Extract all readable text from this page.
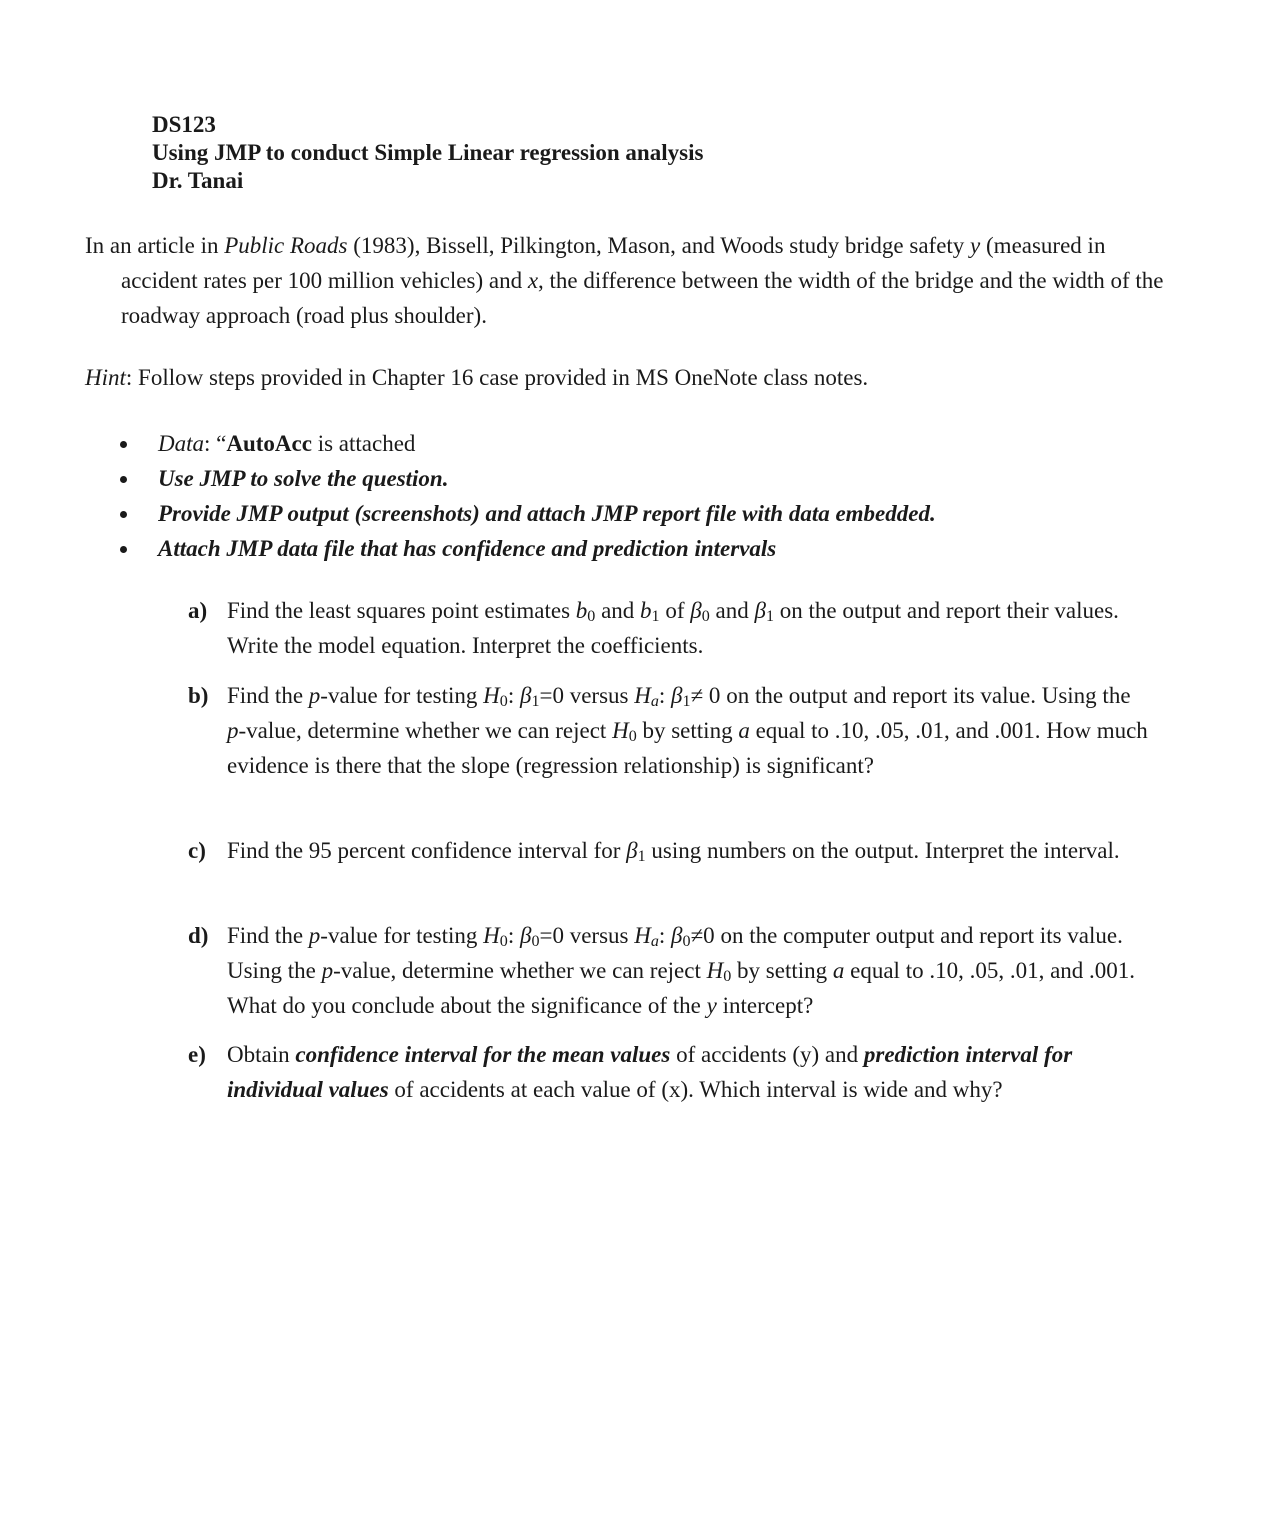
DS123
Using JMP to conduct Simple Linear regression analysis
Dr. Tanai

In an article in Public Roads (1983), Bissell, Pilkington, Mason, and Woods study bridge safety y (measured in accident rates per 100 million vehicles) and x, the difference between the width of the bridge and the width of the roadway approach (road plus shoulder).

Hint: Follow steps provided in Chapter 16 case provided in MS OneNote class notes.
Data: “AutoAcc is attached
Use JMP to solve the question.
Provide JMP output (screenshots) and attach JMP report file with data embedded.
Attach JMP data file that has confidence and prediction intervals
a) Find the least squares point estimates $b_0$ and $b_1$ of $\beta_0$ and $\beta_1$ on the output and report their values. Write the model equation. Interpret the coefficients.
b) Find the p-value for testing $H_0$: $\beta_1=0$ versus $H_a$: $\beta_1\ne 0$ on the output and report its value. Using the p-value, determine whether we can reject $H_0$ by setting a equal to .10, .05, .01, and .001. How much evidence is there that the slope (regression relationship) is significant?
c) Find the 95 percent confidence interval for $\beta_1$ using numbers on the output. Interpret the interval.
d) Find the p-value for testing $H_0$: $\beta_0=0$ versus $H_a$: $\beta_0\ne 0$ on the computer output and report its value. Using the p-value, determine whether we can reject $H_0$ by setting a equal to .10, .05, .01, and .001. What do you conclude about the significance of the y intercept?
e) Obtain confidence interval for the mean values of accidents (y) and prediction interval for individual values of accidents at each value of (x). Which interval is wide and why?
